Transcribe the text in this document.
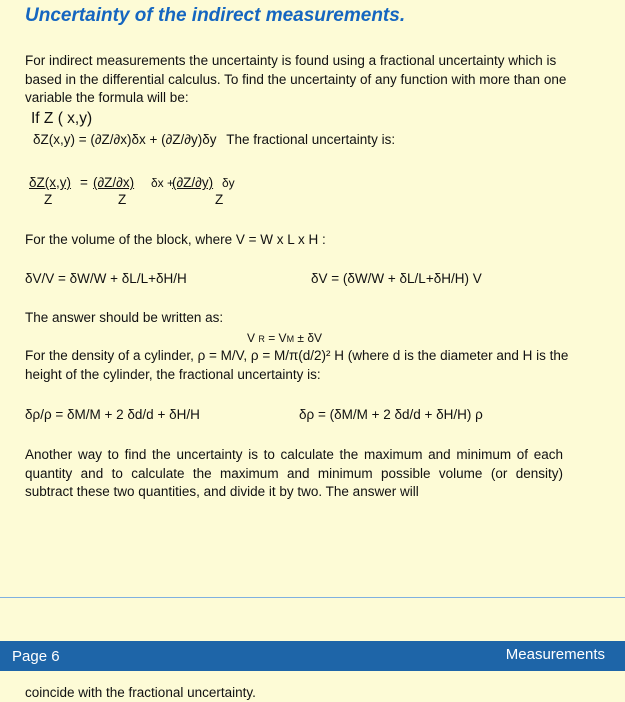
Uncertainty of the indirect measurements.
For indirect measurements the uncertainty is found using a fractional uncertainty which is based in the differential calculus. To find the uncertainty of any function with more than one variable the formula will be:
If Z ( x,y)
δZ(x,y) = (∂Z/∂x)δx + (∂Z/∂y)δy The fractional uncertainty is:
δZ(x,y) = (∂Z/∂x) δx +
(∂Z/∂y) δy
Z	Z	Z
For the volume of the block, where V = W x L x H :
δV/V = δW/W + δL/L+δH/H	δV = (δW/W + δL/L+δH/H) V
The answer should be written as:
V R = VM ± δV
For the density of a cylinder, ρ = M/V, ρ = M/π(d/2)² H (where d is the diameter and H is the height of the cylinder, the fractional uncertainty is:
δρ/ρ = δM/M + 2 δd/d + δH/H	δρ = (δM/M + 2 δd/d + δH/H) ρ
Another way to find the uncertainty is to calculate the maximum and minimum of each quantity and to calculate the maximum and minimum possible volume (or density) subtract these two quantities, and divide it by two. The answer will
Page 6	Measurements
coincide with the fractional uncertainty.
